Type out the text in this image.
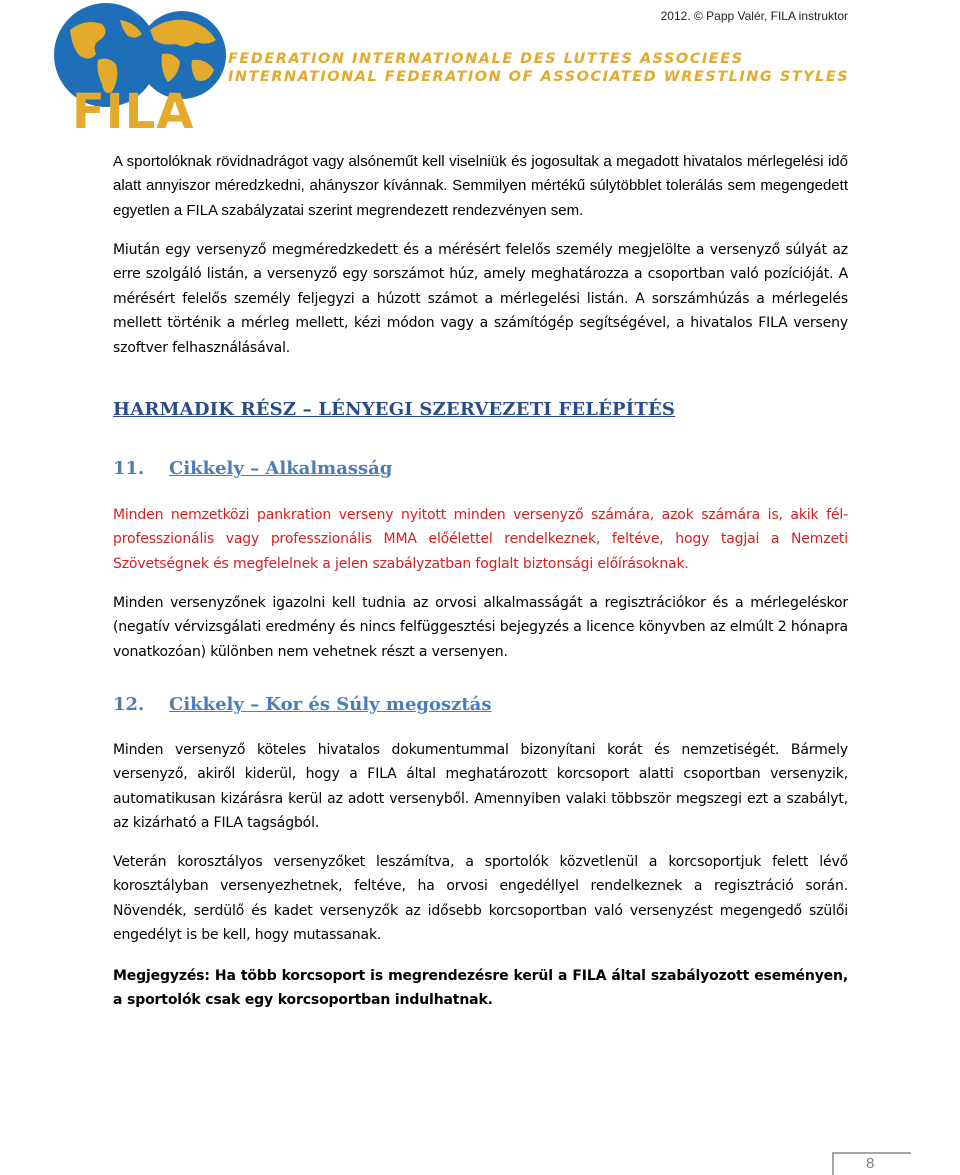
2012. © Papp Valér, FILA instruktor
FILA
FEDERATION INTERNATIONALE DES LUTTES ASSOCIEES
INTERNATIONAL FEDERATION OF ASSOCIATED WRESTLING STYLES

A sportolóknak rövidnadrágot vagy alsóneműt kell viselniük és jogosultak a megadott hivatalos mérlegelési idő alatt annyiszor méredzkedni, ahányszor kívánnak. Semmilyen mértékű súlytöbblet tolerálás sem megengedett egyetlen a FILA szabályzatai szerint megrendezett rendezvényen sem.

Miután egy versenyző megméredzkedett és a mérésért felelős személy megjelölte a versenyző súlyát az erre szolgáló listán, a versenyző egy sorszámot húz, amely meghatározza a csoportban való pozícióját. A mérésért felelős személy feljegyzi a húzott számot a mérlegelési listán. A sorszámhúzás a mérlegelés mellett történik a mérleg mellett, kézi módon vagy a számítógép segítségével, a hivatalos FILA verseny szoftver felhasználásával.

HARMADIK RÉSZ – LÉNYEGI SZERVEZETI FELÉPÍTÉS
11. Cikkely – Alkalmasság

Minden nemzetközi pankration verseny nyitott minden versenyző számára, azok számára is, akik fél-professzionális vagy professzionális MMA előélettel rendelkeznek, feltéve, hogy tagjai a Nemzeti Szövetségnek és megfelelnek a jelen szabályzatban foglalt biztonsági előírásoknak.

Minden versenyzőnek igazolni kell tudnia az orvosi alkalmasságát a regisztrációkor és a mérlegeléskor (negatív vérvizsgálati eredmény és nincs felfüggesztési bejegyzés a licence könyvben az elmúlt 2 hónapra vonatkozóan) különben nem vehetnek részt a versenyen.

12. Cikkely – Kor és Súly megosztás

Minden versenyző köteles hivatalos dokumentummal bizonyítani korát és nemzetiségét. Bármely versenyző, akiről kiderül, hogy a FILA által meghatározott korcsoport alatti csoportban versenyzik, automatikusan kizárásra kerül az adott versenyből. Amennyiben valaki többször megszegi ezt a szabályt, az kizárható a FILA tagságból.

Veterán korosztályos versenyzőket leszámítva, a sportolók közvetlenül a korcsoportjuk felett lévő korosztályban versenyezhetnek, feltéve, ha orvosi engedéllyel rendelkeznek a regisztráció során. Növendék, serdülő és kadet versenyzők az idősebb korcsoportban való versenyzést megengedő szülői engedélyt is be kell, hogy mutassanak.

Megjegyzés: Ha több korcsoport is megrendezésre kerül a FILA által szabályozott eseményen, a sportolók csak egy korcsoportban indulhatnak.

8
